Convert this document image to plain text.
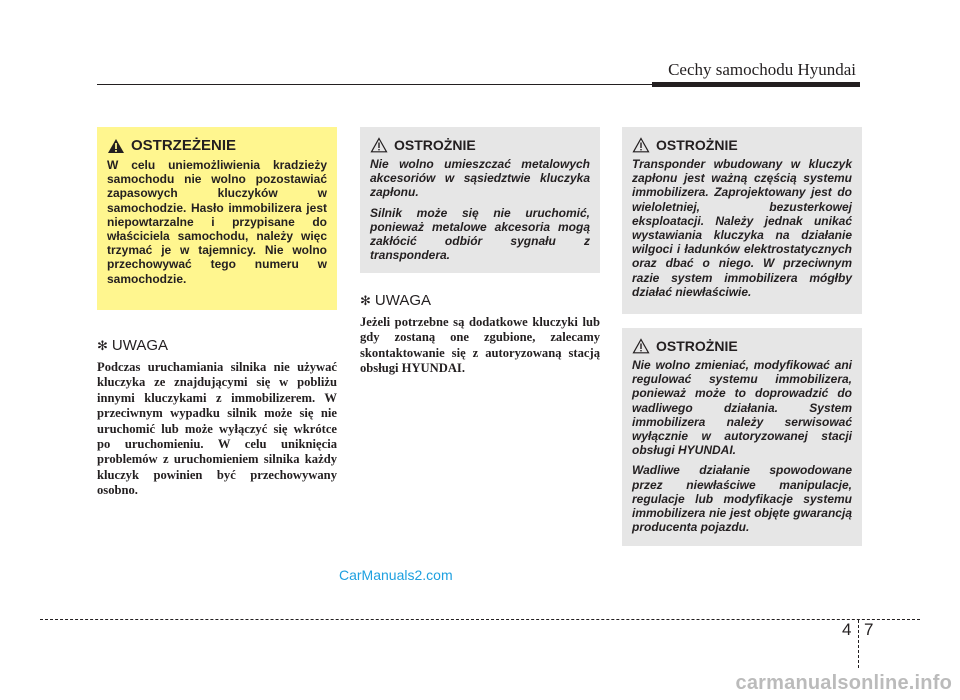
Cechy samochodu Hyundai
OSTRZEŻENIE

W celu uniemożliwienia kradzieży samochodu nie wolno pozostawiać zapasowych kluczyków w samochodzie. Hasło immobilizera jest niepowtarzalne i przypisane do właściciela samochodu, należy więc trzymać je w tajemnicy. Nie wolno przechowywać tego numeru w samochodzie.

✻ UWAGA

Podczas uruchamiania silnika nie używać kluczyka ze znajdującymi się w pobliżu innymi kluczykami z immobilizerem. W przeciwnym wypadku silnik może się nie uruchomić lub może wyłączyć się wkrótce po uruchomieniu. W celu uniknięcia problemów z uruchomieniem silnika każdy kluczyk powinien być przechowywany osobno.

OSTROŻNIE

Nie wolno umieszczać metalowych akcesoriów w sąsiedztwie kluczyka zapłonu.

Silnik może się nie uruchomić, ponieważ metalowe akcesoria mogą zakłócić odbiór sygnału z transpondera.

✻ UWAGA

Jeżeli potrzebne są dodatkowe kluczyki lub gdy zostaną one zgubione, zalecamy skontaktowanie się z autoryzowaną stacją obsługi HYUNDAI.

OSTROŻNIE

Transponder wbudowany w kluczyk zapłonu jest ważną częścią systemu immobilizera. Zaprojektowany jest do wieloletniej, bezusterkowej eksploatacji. Należy jednak unikać wystawiania kluczyka na działanie wilgoci i ładunków elektrostatycznych oraz dbać o niego. W przeciwnym razie system immobilizera mógłby działać niewłaściwie.

OSTROŻNIE

Nie wolno zmieniać, modyfikować ani regulować systemu immobilizera, ponieważ może to doprowadzić do wadliwego działania. System immobilizera należy serwisować wyłącznie w autoryzowanej stacji obsługi HYUNDAI.

Wadliwe działanie spowodowane przez niewłaściwe manipulacje, regulacje lub modyfikacje systemu immobilizera nie jest objęte gwarancją producenta pojazdu.

CarManuals2.com
4 7
carmanualsonline.info
